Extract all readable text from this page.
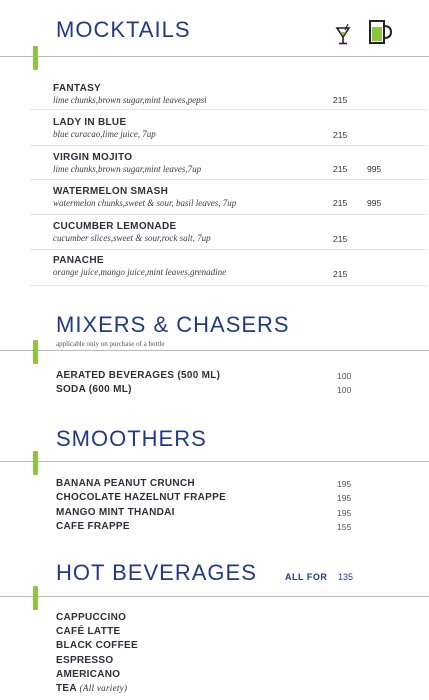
MOCKTAILS
FANTASY
lime chunks,brown sugar,mint leaves,pepsi	215
LADY IN BLUE
blue curacao,lime juice, 7up	215
VIRGIN MOJITO
lime chunks,brown sugar,mint leaves,7up	215 995
WATERMELON SMASH
watermelon chunks,sweet & sour, basil leaves, 7up	215 995
CUCUMBER LEMONADE
cucumber slices,sweet & sour,rock salt, 7up	215
PANACHE
orange juice,mango juice,mint leaves,grenadine	215
MIXERS & CHASERS
applicable only on purchase of a bottle
AERATED BEVERAGES (500 ML)	100
SODA (600 ML)	100
SMOOTHERS
BANANA PEANUT CRUNCH	195
CHOCOLATE HAZELNUT FRAPPE	195
MANGO MINT THANDAI	195
CAFE FRAPPE	155
HOT BEVERAGES	ALL FOR 135
CAPPUCCINO
CAFÉ LATTE
BLACK COFFEE
ESPRESSO
AMERICANO
TEA (All variety)
